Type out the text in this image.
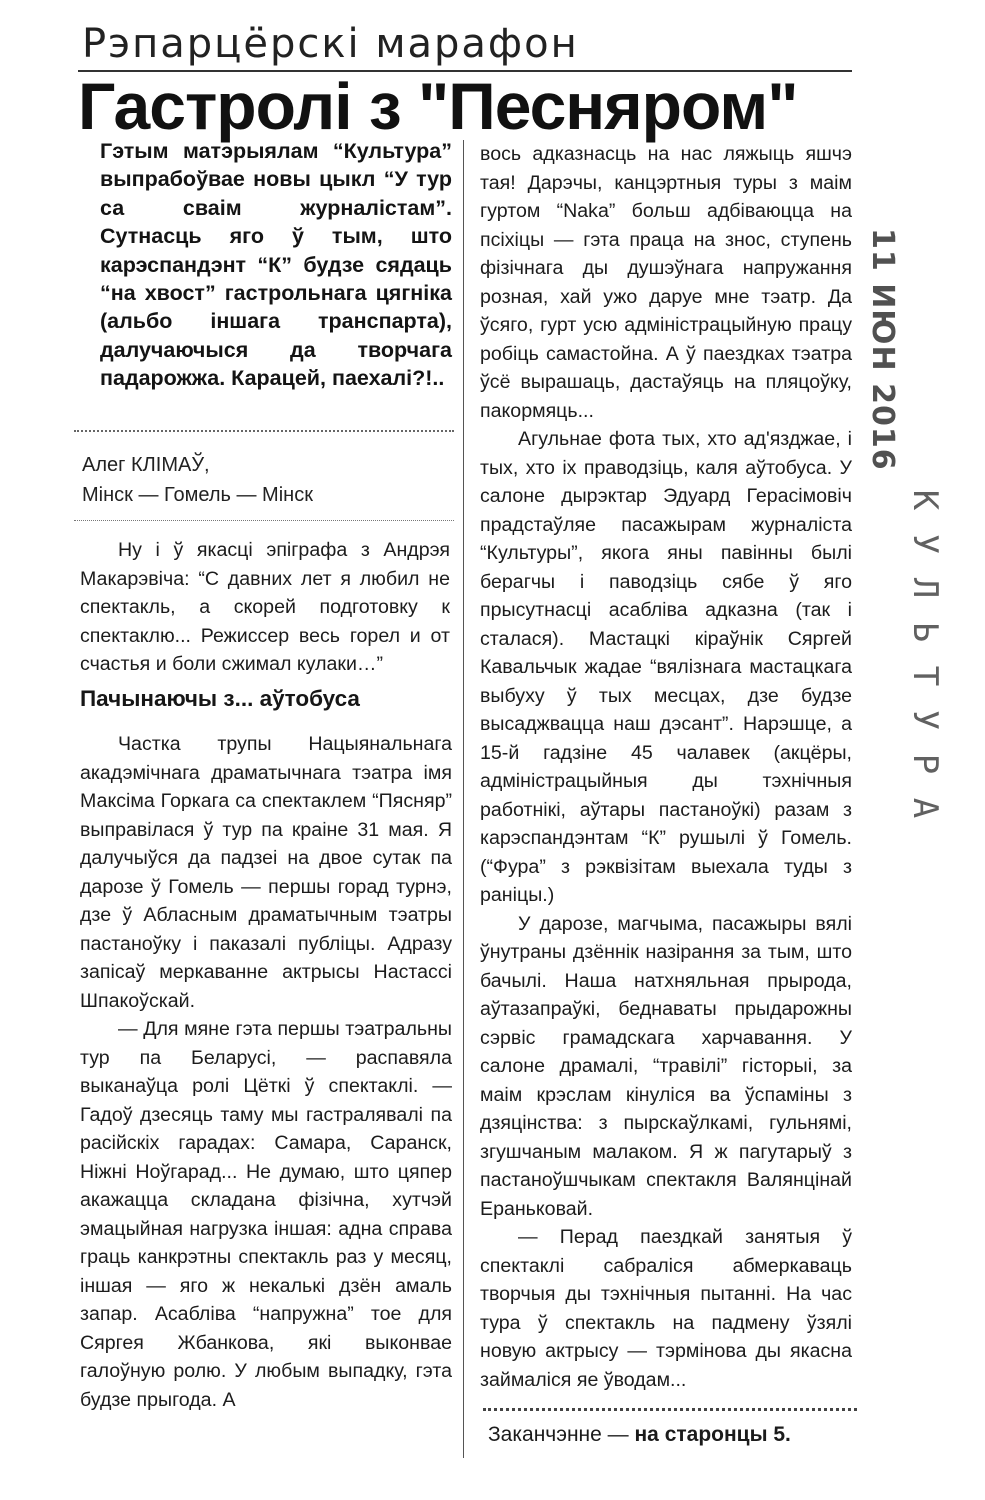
Рэпарцёрскі марафон
Гастролі з "Песняром"
Гэтым матэрыялам “Культура” выпрабоўвае новы цыкл “У тур са сваім журналістам”. Сутнасць яго ў тым, што карэспандэнт “К” будзе сядаць “на хвост” гастрольнага цягніка (альбо іншага транспарта), далучаючыся да творчага падарожжа. Карацей, паехалі?!..
Алег КЛІМАЎ,
Мінск — Гомель — Мінск

Ну і ў якасці эпіграфа з Андрэя Макарэвіча: “С давних лет я любил не спектакль, а скорей подготовку к спектаклю... Режиссер весь горел и от счастья и боли сжимал кулаки…”

Пачынаючы з... аўтобуса

Частка трупы Нацыянальнага акадэмічнага драматычнага тэатра імя Максіма Горкага са спектаклем “Пясняр” выправілася ў тур па краіне 31 мая. Я далучыўся да падзеі на двое сутак па дарозе ў Гомель — першы горад турнэ, дзе ў Абласным драматычным тэатры пастаноўку і паказалі публіцы. Адразу запісаў меркаванне актрысы Настассі Шпакоўскай.

— Для мяне гэта першы тэатральны тур па Беларусі, — распавяла выканаўца ролі Цёткі ў спектаклі. — Гадоў дзесяць таму мы гастралявалі па расійскіх гарадах: Самара, Саранск, Ніжні Ноўгарад... Не думаю, што цяпер акажацца складана фізічна, хутчэй эмацыйная нагрузка іншая: адна справа граць канкрэтны спектакль раз у месяц, іншая — яго ж некалькі дзён амаль запар. Асабліва “напружна” тое для Сяргея Жбанкова, які выконвае галоўную ролю. У любым выпадку, гэта будзе прыгода. А

вось адказнасць на нас ляжыць яшчэ тая! Дарэчы, канцэртныя туры з маім гуртом “Naka” больш адбіваюцца на псіхіцы — гэта праца на знос, ступень фізічнага ды душэўнага напружання розная, хай ужо даруе мне тэатр. Да ўсяго, гурт усю адміністрацыйную працу робіць самастойна. А ў паездках тэатра ўсё вырашаць, дастаўяць на пляцоўку, пакормяць...

Агульнае фота тых, хто ад'язджае, і тых, хто іх праводзіць, каля аўтобуса. У салоне дырэктар Эдуард Герасімовіч прадстаўляе пасажырам журналіста “Культуры”, якога яны павінны былі берагчы і паводзіць сябе ў яго прысутнасці асабліва адказна (так і сталася). Мастацкі кіраўнік Сяргей Кавальчык жадае “вялізнага мастацкага выбуху ў тых месцах, дзе будзе высаджвацца наш дэсант”. Нарэшце, а 15-й гадзіне 45 чалавек (акцёры, адміністрацыйныя ды тэхнічныя работнікі, аўтары пастаноўкі) разам з карэспандэнтам “К” рушылі ў Гомель. (“Фура” з рэквізітам выехала туды з раніцы.)

У дарозе, магчыма, пасажыры вялі ўнутраны дзённік назірання за тым, што бачылі. Наша натхняльная прырода, аўтазапраўкі, беднаваты прыдарожны сэрвіс грамадскага харчавання. У салоне драмалі, “травілі” гісторыі, за маім крэслам кінуліся ва ўспаміны з дзяцінства: з пырскаўлкамі, гульнямі, згушчаным малаком. Я ж пагутарыў з пастаноўшчыкам спектакля Валянцінай Ераньковай.

— Перад паездкай занятыя ў спектаклі сабраліся абмеркаваць творчыя ды тэхнічныя пытанні. На час тура ў спектакль на падмену ўзялі новую актрысу — тэрмінова ды якасна займаліся яе ўводам...

Заканчэнне — на старонцы 5.
11 ИЮН 2016
К
У
Л
Ь
Т
У
Р
А
